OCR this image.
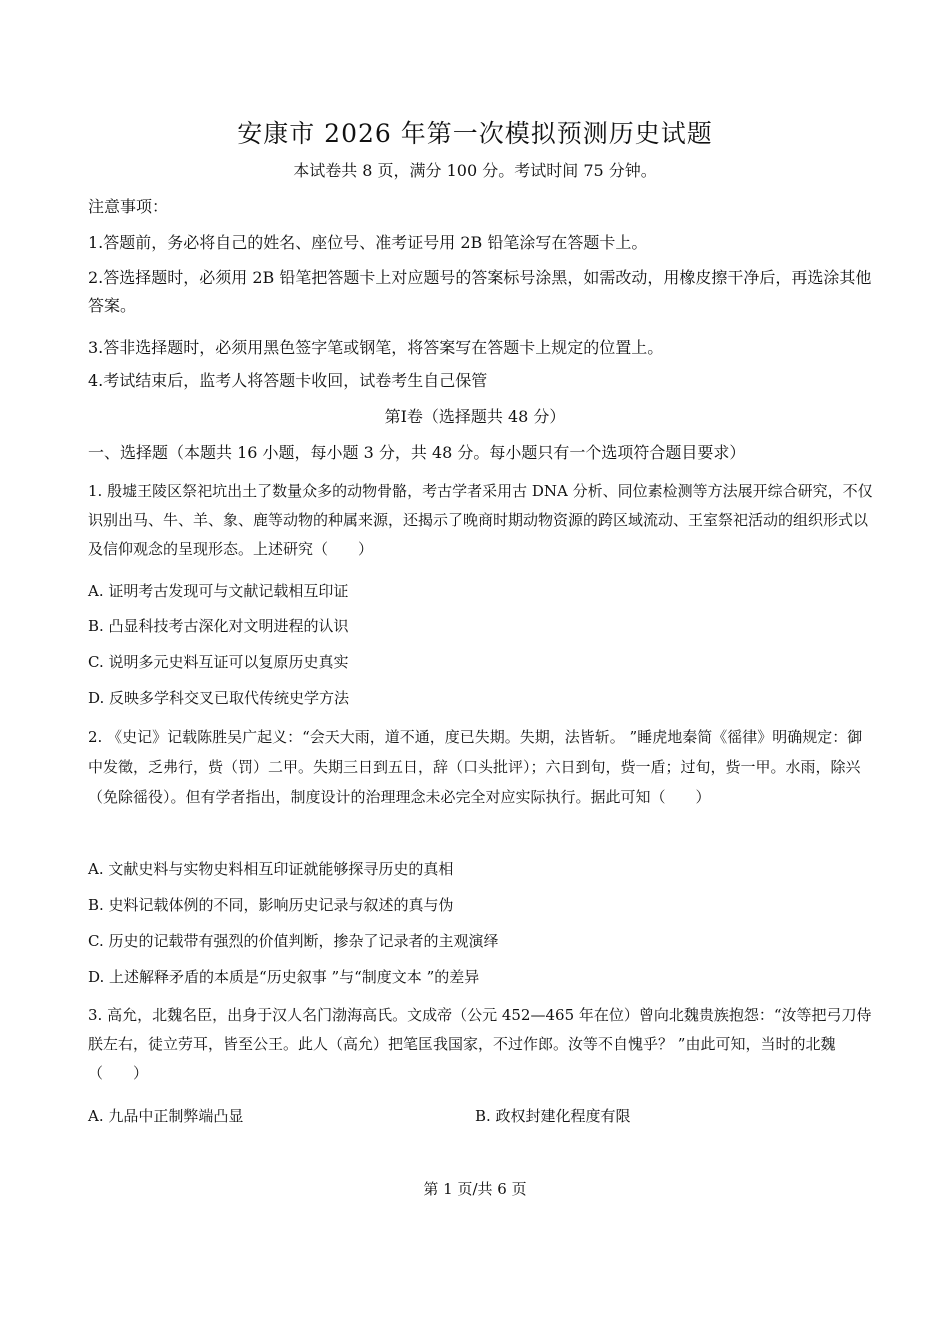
安康市 2026 年第一次模拟预测历史试题
本试卷共 8 页，满分 100 分。考试时间 75 分钟。
注意事项：
1.答题前，务必将自己的姓名、座位号、准考证号用 2B 铅笔涂写在答题卡上。
2.答选择题时，必须用 2B 铅笔把答题卡上对应题号的答案标号涂黑，如需改动，用橡皮擦干净后，再选涂其他答案。
3.答非选择题时，必须用黑色签字笔或钢笔，将答案写在答题卡上规定的位置上。
4.考试结束后，监考人将答题卡收回，试卷考生自己保管
第Ⅰ卷（选择题共 48 分）
一、选择题（本题共 16 小题，每小题 3 分，共 48 分。每小题只有一个选项符合题目要求）
1. 殷墟王陵区祭祀坑出土了数量众多的动物骨骼，考古学者采用古 DNA 分析、同位素检测等方法展开综合研究，不仅识别出马、牛、羊、象、鹿等动物的种属来源，还揭示了晚商时期动物资源的跨区域流动、王室祭祀活动的组织形式以及信仰观念的呈现形态。上述研究（　　）
A. 证明考古发现可与文献记载相互印证
B. 凸显科技考古深化对文明进程的认识
C. 说明多元史料互证可以复原历史真实
D. 反映多学科交叉已取代传统史学方法
2. 《史记》记载陈胜吴广起义：“会天大雨，道不通，度已失期。失期，法皆斩。 ”睡虎地秦简《徭律》明确规定：御中发徵，乏弗行，赀（罚）二甲。失期三日到五日，辞（口头批评）；六日到旬，赀一盾；过旬，赀一甲。水雨，除兴（免除徭役）。但有学者指出，制度设计的治理理念未必完全对应实际执行。据此可知（　　）
A. 文献史料与实物史料相互印证就能够探寻历史的真相
B. 史料记载体例的不同，影响历史记录与叙述的真与伪
C. 历史的记载带有强烈的价值判断，掺杂了记录者的主观演绎
D. 上述解释矛盾的本质是“历史叙事 ”与“制度文本 ”的差异
3. 高允，北魏名臣，出身于汉人名门渤海高氏。文成帝（公元 452—465 年在位）曾向北魏贵族抱怨：“汝等把弓刀侍朕左右，徒立劳耳，皆至公王。此人（高允）把笔匡我国家，不过作郎。汝等不自愧乎？ ”由此可知，当时的北魏（　　）
A. 九品中正制弊端凸显	B. 政权封建化程度有限
第 1 页/共 6 页
